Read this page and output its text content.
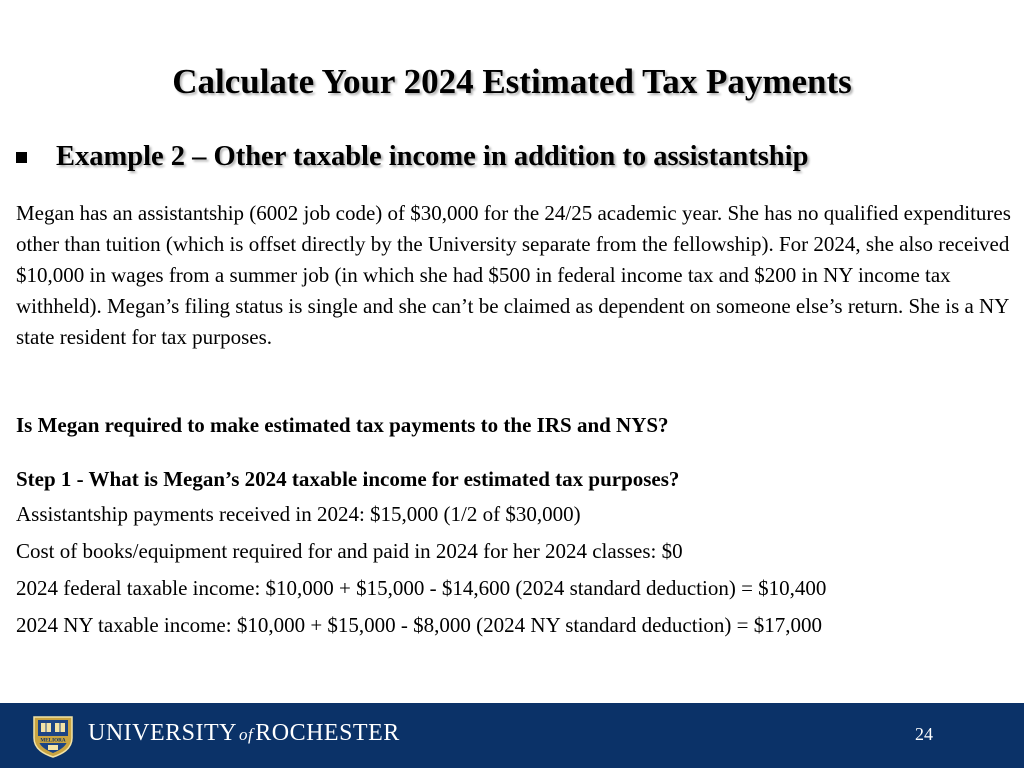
Calculate Your 2024 Estimated Tax Payments
Example 2 – Other taxable income in addition to assistantship
Megan has an assistantship (6002 job code) of $30,000 for the 24/25 academic year. She has no qualified expenditures other than tuition (which is offset directly by the University separate from the fellowship). For 2024, she also received $10,000 in wages from a summer job (in which she had $500 in federal income tax and $200 in NY income tax withheld). Megan’s filing status is single and she can’t be claimed as dependent on someone else’s return. She is a NY state resident for tax purposes.
Is Megan required to make estimated tax payments to the IRS and NYS?
Step 1 - What is Megan’s 2024 taxable income for estimated tax purposes?
Assistantship payments received in 2024: $15,000 (1/2 of $30,000)
Cost of books/equipment required for and paid in 2024 for her 2024 classes: $0
2024 federal taxable income: $10,000 + $15,000 - $14,600 (2024 standard deduction) = $10,400
2024 NY taxable income: $10,000 + $15,000 - $8,000 (2024 NY standard deduction) = $17,000
MELIORA UNIVERSITY of ROCHESTER	24
